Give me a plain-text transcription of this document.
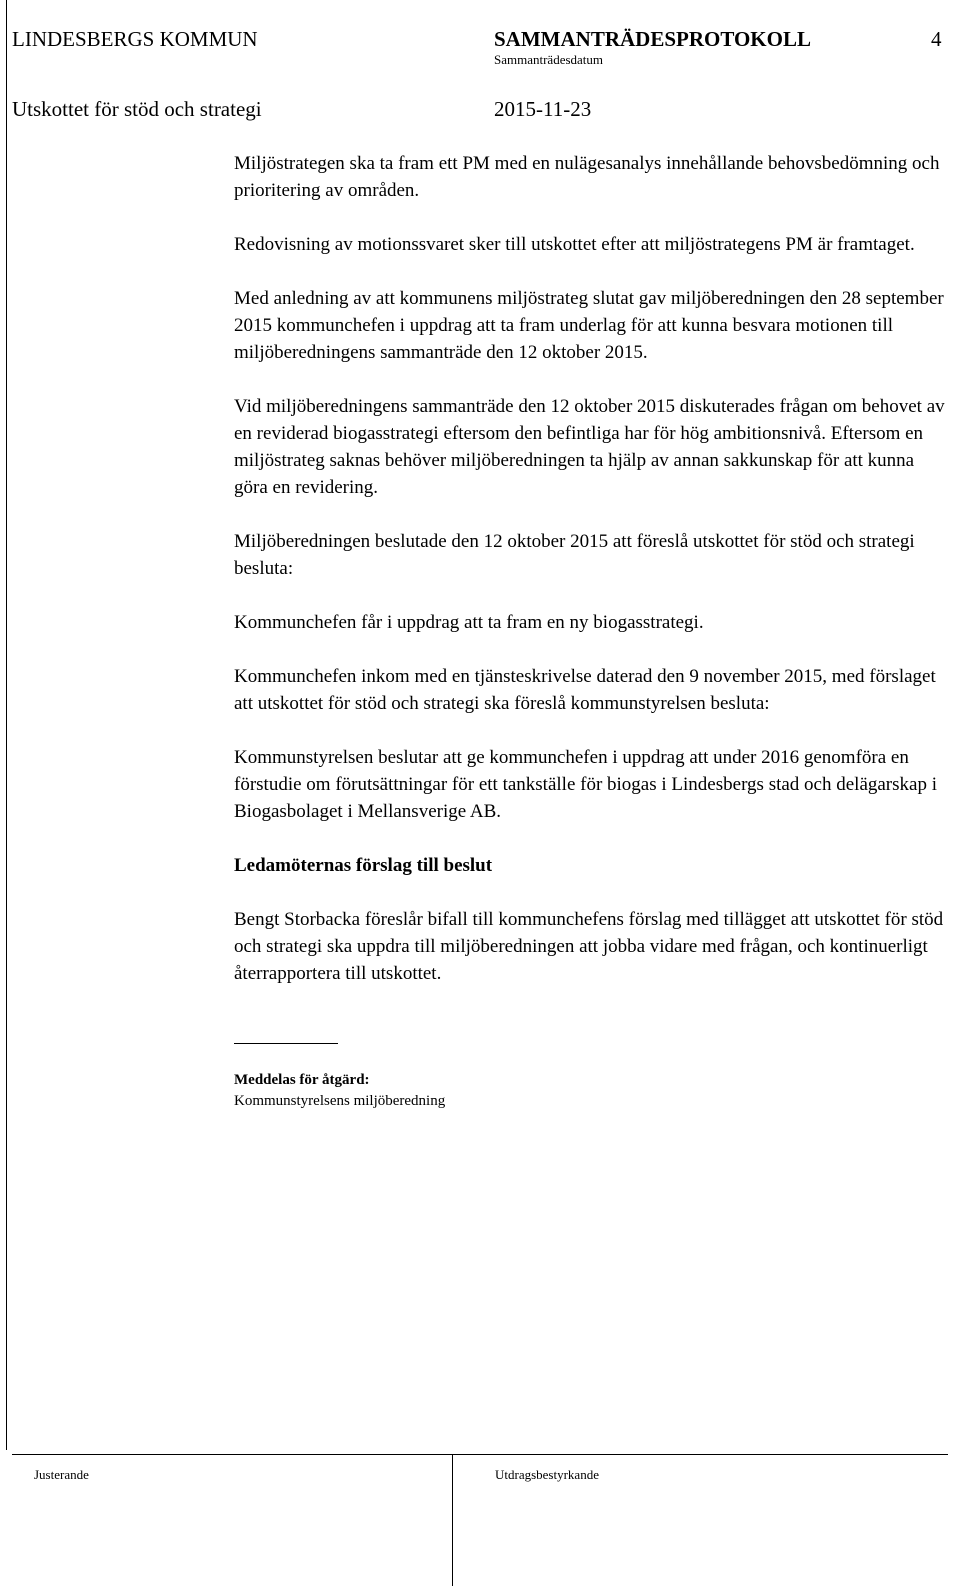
LINDESBERGS KOMMUN	SAMMANTRÄDESPROTOKOLL	4
Sammanträdesdatum
Utskottet för stöd och strategi	2015-11-23

Miljöstrategen ska ta fram ett PM med en nulägesanalys innehållande behovsbedömning och prioritering av områden.

Redovisning av motionssvaret sker till utskottet efter att miljöstrategens PM är framtaget.

Med anledning av att kommunens miljöstrateg slutat gav miljöberedningen den 28 september 2015 kommunchefen i uppdrag att ta fram underlag för att kunna besvara motionen till miljöberedningens sammanträde den 12 oktober 2015.

Vid miljöberedningens sammanträde den 12 oktober 2015 diskuterades frågan om behovet av en reviderad biogasstrategi eftersom den befintliga har för hög ambitionsnivå. Eftersom en miljöstrateg saknas behöver miljöberedningen ta hjälp av annan sakkunskap för att kunna göra en revidering.

Miljöberedningen beslutade den 12 oktober 2015 att föreslå utskottet för stöd och strategi besluta:

Kommunchefen får i uppdrag att ta fram en ny biogasstrategi.

Kommunchefen inkom med en tjänsteskrivelse daterad den 9 november 2015, med förslaget att utskottet för stöd och strategi ska föreslå kommunstyrelsen besluta:

Kommunstyrelsen beslutar att ge kommunchefen i uppdrag att under 2016 genomföra en förstudie om förutsättningar för ett tankställe för biogas i Lindesbergs stad och delägarskap i Biogasbolaget i Mellansverige AB.

Ledamöternas förslag till beslut

Bengt Storbacka föreslår bifall till kommunchefens förslag med tillägget att utskottet för stöd och strategi ska uppdra till miljöberedningen att jobba vidare med frågan, och kontinuerligt återrapportera till utskottet.

Meddelas för åtgärd:

Kommunstyrelsens miljöberedning

Justerande	Utdragsbestyrkande
